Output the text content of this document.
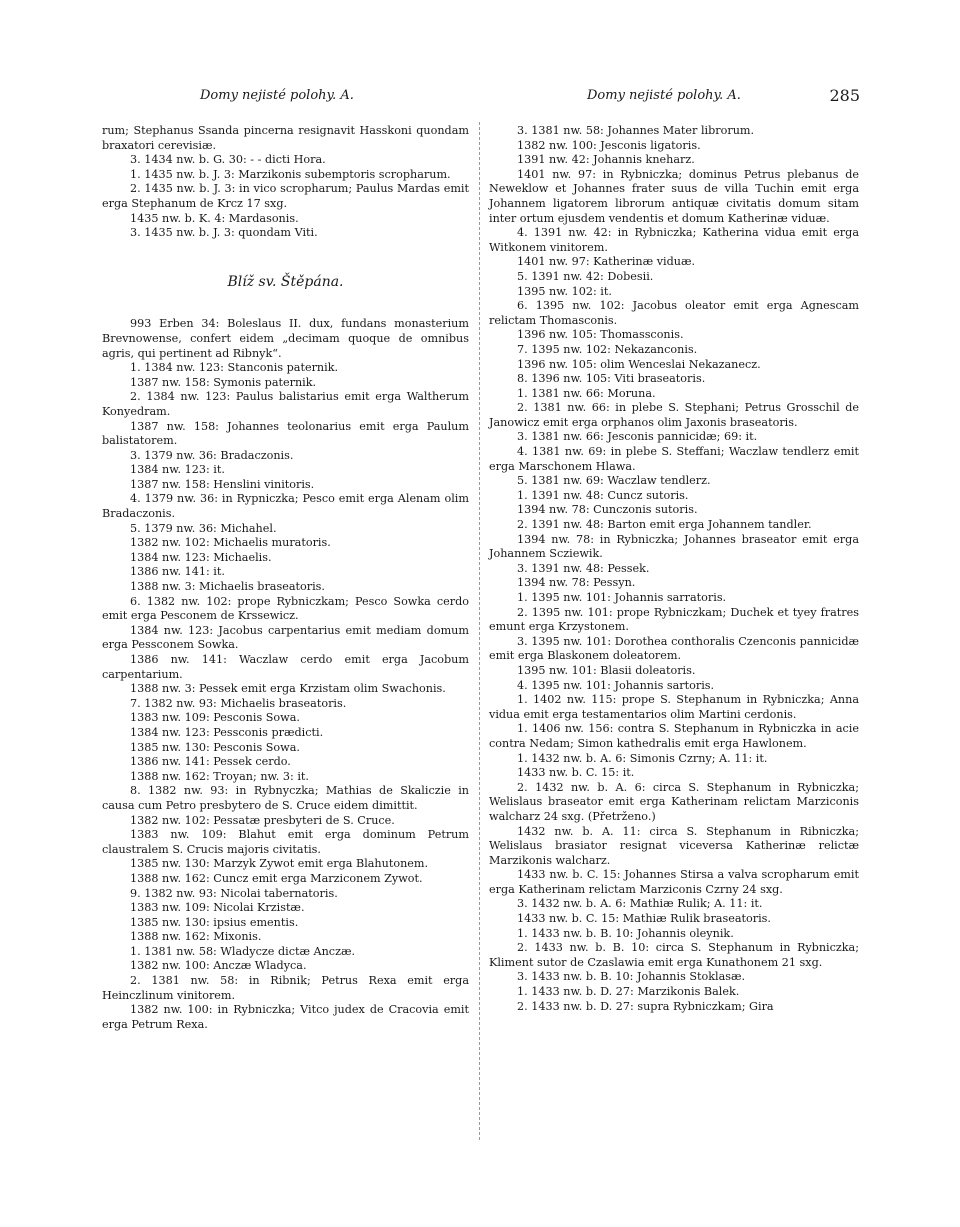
Domy nejisté polohy. A.	Domy nejisté polohy. A.	285

rum; Stephanus Ssanda pincerna resignavit Hasskoni quondam braxatori cerevisiæ.

3. 1434 nw. b. G. 30: - - dicti Hora.

1. 1435 nw. b. J. 3: Marzikonis subemptoris scropharum.

2. 1435 nw. b. J. 3: in vico scropharum; Paulus Mardas emit erga Stephanum de Krcz 17 sxg.

1435 nw. b. K. 4: Mardasonis.

3. 1435 nw. b. J. 3: quondam Viti.

Blíž sv. Štěpána.

993 Erben 34: Boleslaus II. dux, fundans monasterium Brevnowense, confert eidem „decimam quoque de omnibus agris, qui pertinent ad Ribnyk“.

1. 1384 nw. 123: Stanconis paternik.

1387 nw. 158: Symonis paternik.

2. 1384 nw. 123: Paulus balistarius emit erga Waltherum Konyedram.

1387 nw. 158: Johannes teolonarius emit erga Paulum balistatorem.

3. 1379 nw. 36: Bradaczonis.

1384 nw. 123: it.

1387 nw. 158: Henslini vinitoris.

4. 1379 nw. 36: in Rypniczka; Pesco emit erga Alenam olim Bradaczonis.

5. 1379 nw. 36: Michahel.

1382 nw. 102: Michaelis muratoris.

1384 nw. 123: Michaelis.

1386 nw. 141: it.

1388 nw. 3: Michaelis braseatoris.

6. 1382 nw. 102: prope Rybniczkam; Pesco Sowka cerdo emit erga Pesconem de Krssewicz.

1384 nw. 123: Jacobus carpentarius emit mediam domum erga Pessconem Sowka.

1386 nw. 141: Waczlaw cerdo emit erga Jacobum carpentarium.

1388 nw. 3: Pessek emit erga Krzistam olim Swachonis.

7. 1382 nw. 93: Michaelis braseatoris.

1383 nw. 109: Pesconis Sowa.

1384 nw. 123: Pessconis prædicti.

1385 nw. 130: Pesconis Sowa.

1386 nw. 141: Pessek cerdo.

1388 nw. 162: Troyan; nw. 3: it.

8. 1382 nw. 93: in Rybnyczka; Mathias de Skaliczie in causa cum Petro presbytero de S. Cruce eidem dimittit.

1382 nw. 102: Pessatæ presbyteri de S. Cruce.

1383 nw. 109: Blahut emit erga dominum Petrum claustralem S. Crucis majoris civitatis.

1385 nw. 130: Marzyk Zywot emit erga Blahutonem.

1388 nw. 162: Cuncz emit erga Marziconem Zywot.

9. 1382 nw. 93: Nicolai tabernatoris.

1383 nw. 109: Nicolai Krzistæ.

1385 nw. 130: ipsius ementis.

1388 nw. 162: Mixonis.

1. 1381 nw. 58: Wladycze dictæ Anczæ.

1382 nw. 100: Anczæ Wladyca.

2. 1381 nw. 58: in Ribnik; Petrus Rexa emit erga Heinczlinum vinitorem.

1382 nw. 100: in Rybniczka; Vitco judex de Cracovia emit erga Petrum Rexa.

3. 1381 nw. 58: Johannes Mater librorum.

1382 nw. 100: Jesconis ligatoris.

1391 nw. 42: Johannis kneharz.

1401 nw. 97: in Rybniczka; dominus Petrus plebanus de Neweklow et Johannes frater suus de villa Tuchin emit erga Johannem ligatorem librorum antiquæ civitatis domum sitam inter ortum ejusdem vendentis et domum Katherinæ viduæ.

4. 1391 nw. 42: in Rybniczka; Katherina vidua emit erga Witkonem vinitorem.

1401 nw. 97: Katherinæ viduæ.

5. 1391 nw. 42: Dobesii.

1395 nw. 102: it.

6. 1395 nw. 102: Jacobus oleator emit erga Agnescam relictam Thomasconis.

1396 nw. 105: Thomassconis.

7. 1395 nw. 102: Nekazanconis.

1396 nw. 105: olim Wenceslai Nekazanecz.

8. 1396 nw. 105: Viti braseatoris.

1. 1381 nw. 66: Moruna.

2. 1381 nw. 66: in plebe S. Stephani; Petrus Grosschil de Janowicz emit erga orphanos olim Jaxonis braseatoris.

3. 1381 nw. 66: Jesconis pannicidæ; 69: it.

4. 1381 nw. 69: in plebe S. Steffani; Waczlaw tendlerz emit erga Marschonem Hlawa.

5. 1381 nw. 69: Waczlaw tendlerz.

1. 1391 nw. 48: Cuncz sutoris.

1394 nw. 78: Cunczonis sutoris.

2. 1391 nw. 48: Barton emit erga Johannem tandler.

1394 nw. 78: in Rybniczka; Johannes braseator emit erga Johannem Scziewik.

3. 1391 nw. 48: Pessek.

1394 nw. 78: Pessyn.

1. 1395 nw. 101: Johannis sarratoris.

2. 1395 nw. 101: prope Rybniczkam; Duchek et tyey fratres emunt erga Krzystonem.

3. 1395 nw. 101: Dorothea conthoralis Czenconis pannicidæ emit erga Blaskonem doleatorem.

1395 nw. 101: Blasii doleatoris.

4. 1395 nw. 101: Johannis sartoris.

1. 1402 nw. 115: prope S. Stephanum in Rybniczka; Anna vidua emit erga testamentarios olim Martini cerdonis.

1. 1406 nw. 156: contra S. Stephanum in Rybniczka in acie contra Nedam; Simon kathedralis emit erga Hawlonem.

1. 1432 nw. b. A. 6: Simonis Czrny; A. 11: it.

1433 nw. b. C. 15: it.

2. 1432 nw. b. A. 6: circa S. Stephanum in Rybniczka; Welislaus braseator emit erga Katherinam relictam Marziconis walcharz 24 sxg. (Přetrženo.)

1432 nw. b. A. 11: circa S. Stephanum in Ribniczka; Welislaus brasiator resignat viceversa Katherinæ relictæ Marzikonis walcharz.

1433 nw. b. C. 15: Johannes Stirsa a valva scropharum emit erga Katherinam relictam Marziconis Czrny 24 sxg.

3. 1432 nw. b. A. 6: Mathiæ Rulik; A. 11: it.

1433 nw. b. C. 15: Mathiæ Rulik braseatoris.

1. 1433 nw. b. B. 10: Johannis oleynik.

2. 1433 nw. b. B. 10: circa S. Stephanum in Rybniczka; Kliment sutor de Czaslawia emit erga Kunathonem 21 sxg.

3. 1433 nw. b. B. 10: Johannis Stoklasæ.

1. 1433 nw. b. D. 27: Marzikonis Balek.

2. 1433 nw. b. D. 27: supra Rybniczkam; Gira
